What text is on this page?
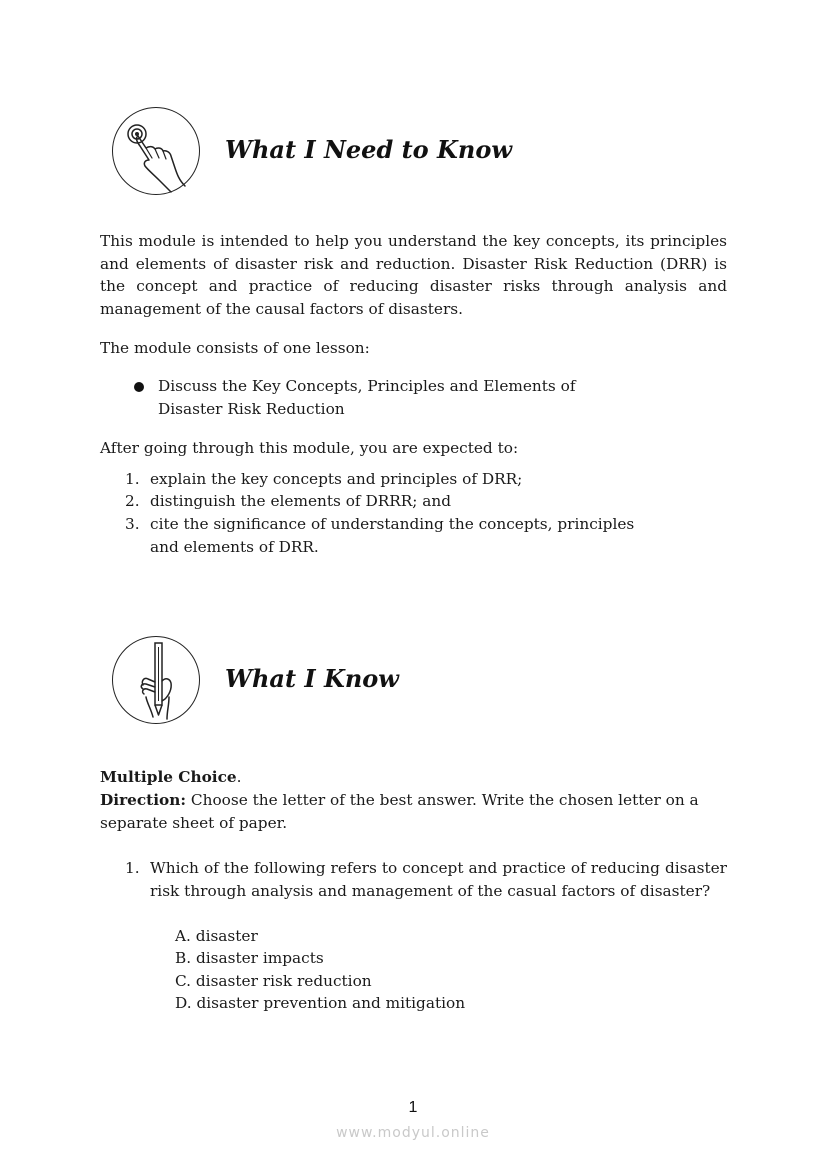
What I Need to Know
This module is intended to help you understand the key concepts, its principles and elements of disaster risk and reduction. Disaster Risk Reduction (DRR) is the concept and practice of reducing disaster risks through analysis and management of the causal factors of disasters.
The module consists of one lesson:
Discuss the Key Concepts, Principles and Elements of
Disaster Risk Reduction
After going through this module, you are expected to:
1. explain the key concepts and principles of DRR;
2. distinguish the elements of DRRR; and
3. cite the significance of understanding the concepts, principles
and elements of DRR.
What I Know
Multiple Choice.
Direction: Choose the letter of the best answer. Write the chosen letter on a separate sheet of paper.
1. Which of the following refers to concept and practice of reducing disaster risk through analysis and management of the casual factors of disaster?
A. disaster
B. disaster impacts
C. disaster risk reduction
D. disaster prevention and mitigation
1
www.modyul.online
